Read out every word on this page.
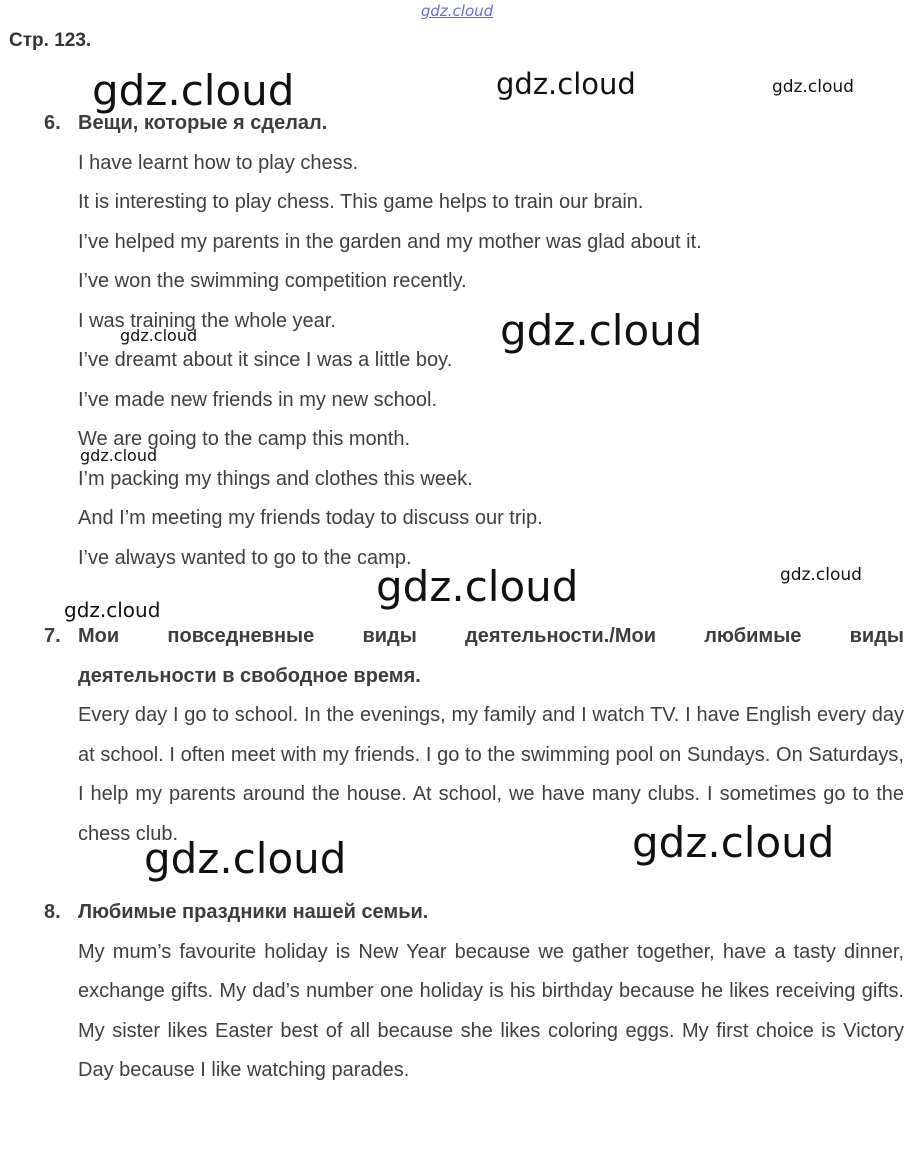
gdz.cloud
Стр. 123.
6. Вещи, которые я сделал.
I have learnt how to play chess.
It is interesting to play chess. This game helps to train our brain.
I’ve helped my parents in the garden and my mother was glad about it.
I’ve won the swimming competition recently.
I was training the whole year.
I’ve dreamt about it since I was a little boy.
I’ve made new friends in my new school.
We are going to the camp this month.
I’m packing my things and clothes this week.
And I’m meeting my friends today to discuss our trip.
I’ve always wanted to go to the camp.
7. Мои повседневные виды деятельности./Мои любимые виды
деятельности в свободное время.
Every day I go to school. In the evenings, my family and I watch TV. I have English every day at school. I often meet with my friends. I go to the swimming pool on Sundays. On Saturdays, I help my parents around the house. At school, we have many clubs. I sometimes go to the chess club.
8. Любимые праздники нашей семьи.
My mum’s favourite holiday is New Year because we gather together, have a tasty dinner, exchange gifts. My dad’s number one holiday is his birthday because he likes receiving gifts. My sister likes Easter best of all because she likes coloring eggs. My first choice is Victory Day because I like watching parades.
gdz.cloud	gdz.cloud	gdz.cloud
gdz.cloud
gdz.cloud
gdz.cloud
gdz.cloud	gdz.cloud
gdz.cloud
gdz.cloud
gdz.cloud
